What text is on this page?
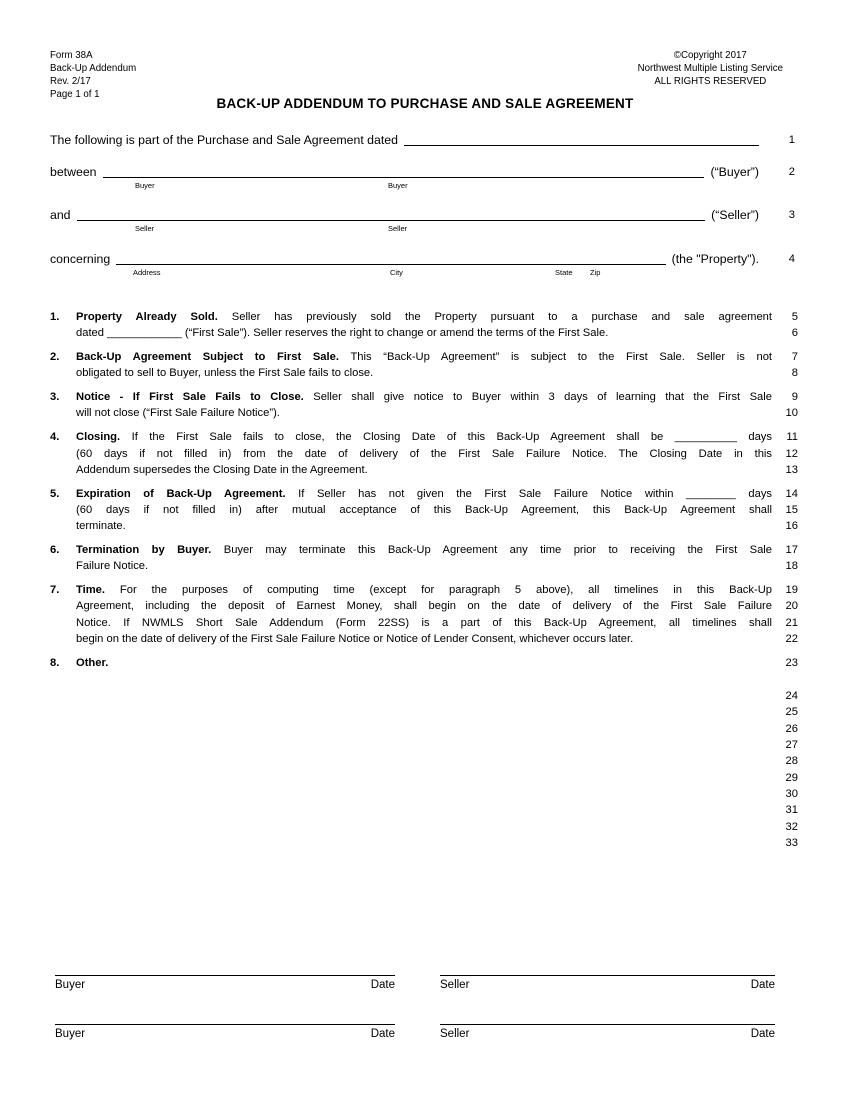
Form 38A
Back-Up Addendum
Rev. 2/17
Page 1 of 1
©Copyright 2017
Northwest Multiple Listing Service
ALL RIGHTS RESERVED
BACK-UP ADDENDUM TO PURCHASE AND SALE AGREEMENT
The following is part of the Purchase and Sale Agreement dated	1
between	(“Buyer”)	2
Buyer	Buyer
and	(“Seller”)	3
Seller	Seller
concerning	(the "Property").	4
Address	City	State Zip
1.	Property Already Sold. Seller has previously sold the Property pursuant to a purchase and sale agreement
dated ____________ (“First Sale”). Seller reserves the right to change or amend the terms of the First Sale.
5
6
2.	Back-Up Agreement Subject to First Sale. This “Back-Up Agreement” is subject to the First Sale. Seller is not
obligated to sell to Buyer, unless the First Sale fails to close.
7
8
3.	Notice - If First Sale Fails to Close. Seller shall give notice to Buyer within 3 days of learning that the First Sale
will not close (“First Sale Failure Notice”).
9
10
4.	Closing. If the First Sale fails to close, the Closing Date of this Back-Up Agreement shall be __________ days
(60 days if not filled in) from the date of delivery of the First Sale Failure Notice. The Closing Date in this
Addendum supersedes the Closing Date in the Agreement.
11
12
13
5.	Expiration of Back-Up Agreement. If Seller has not given the First Sale Failure Notice within ________ days
(60 days if not filled in) after mutual acceptance of this Back-Up Agreement, this Back-Up Agreement shall
terminate.
14
15
16
6.	Termination by Buyer. Buyer may terminate this Back-Up Agreement any time prior to receiving the First Sale
Failure Notice.
17
18
7.	Time. For the purposes of computing time (except for paragraph 5 above), all timelines in this Back-Up
Agreement, including the deposit of Earnest Money, shall begin on the date of delivery of the First Sale Failure
Notice. If NWMLS Short Sale Addendum (Form 22SS) is a part of this Back-Up Agreement, all timelines shall
begin on the date of delivery of the First Sale Failure Notice or Notice of Lender Consent, whichever occurs later.
19
20
21
22
8.	Other.	23
24
25
26
27
28
29
30
31
32
33
Buyer	Date	Seller	Date
Buyer	Date	Seller	Date
